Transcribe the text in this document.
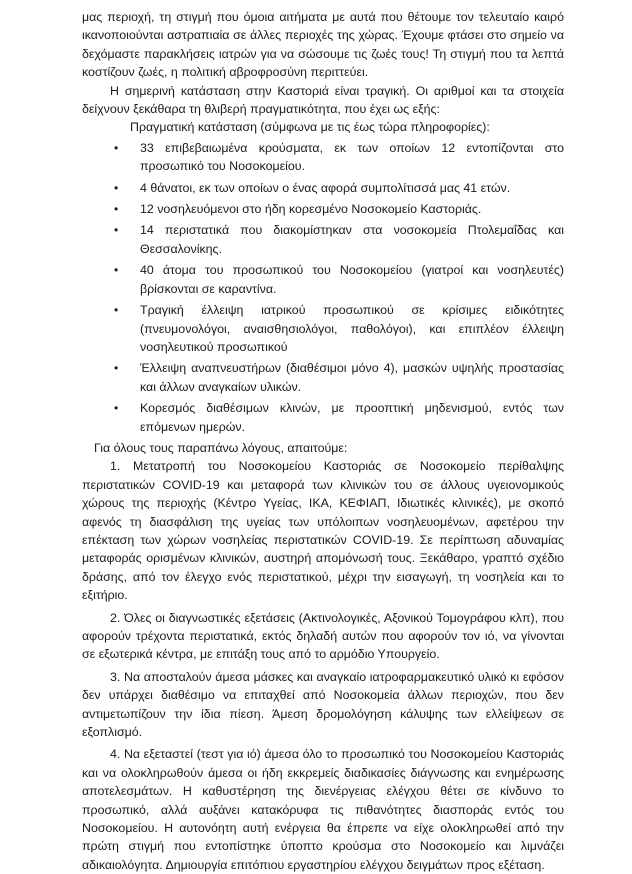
μας περιοχή, τη στιγμή που όμοια αιτήματα με αυτά που θέτουμε τον τελευταίο καιρό ικανοποιούνται αστραπιαία σε άλλες περιοχές της χώρας. Έχουμε φτάσει στο σημείο να δεχόμαστε παρακλήσεις ιατρών για να σώσουμε τις ζωές τους! Τη στιγμή που τα λεπτά κοστίζουν ζωές, η πολιτική αβροφροσύνη περιττεύει.

Η σημερινή κατάσταση στην Καστοριά είναι τραγική. Οι αριθμοί και τα στοιχεία δείχνουν ξεκάθαρα τη θλιβερή πραγματικότητα, που έχει ως εξής:

Πραγματική κατάσταση (σύμφωνα με τις έως τώρα πληροφορίες):

• 33 επιβεβαιωμένα κρούσματα, εκ των οποίων 12 εντοπίζονται στο προσωπικό του Νοσοκομείου.
• 4 θάνατοι, εκ των οποίων ο ένας αφορά συμπολίτισσά μας 41 ετών.
• 12 νοσηλευόμενοι στο ήδη κορεσμένο Νοσοκομείο Καστοριάς.
• 14 περιστατικά που διακομίστηκαν στα νοσοκομεία Πτολεμαΐδας και Θεσσαλονίκης.
• 40 άτομα του προσωπικού του Νοσοκομείου (γιατροί και νοσηλευτές) βρίσκονται σε καραντίνα.
• Τραγική έλλειψη ιατρικού προσωπικού σε κρίσιμες ειδικότητες (πνευμονολόγοι, αναισθησιολόγοι, παθολόγοι), και επιπλέον έλλειψη νοσηλευτικού προσωπικού
• Έλλειψη αναπνευστήρων (διαθέσιμοι μόνο 4), μασκών υψηλής προστασίας και άλλων αναγκαίων υλικών.
• Κορεσμός διαθέσιμων κλινών, με προοπτική μηδενισμού, εντός των επόμενων ημερών.

Για όλους τους παραπάνω λόγους, απαιτούμε:

1. Μετατροπή του Νοσοκομείου Καστοριάς σε Νοσοκομείο περίθαλψης περιστατικών COVID-19 και μεταφορά των κλινικών του σε άλλους υγειονομικούς χώρους της περιοχής (Κέντρο Υγείας, ΙΚΑ, ΚΕΦΙΑΠ, Ιδιωτικές κλινικές), με σκοπό αφενός τη διασφάλιση της υγείας των υπόλοιπων νοσηλευομένων, αφετέρου την επέκταση των χώρων νοσηλείας περιστατικών COVID-19. Σε περίπτωση αδυναμίας μεταφοράς ορισμένων κλινικών, αυστηρή απομόνωσή τους. Ξεκάθαρο, γραπτό σχέδιο δράσης, από τον έλεγχο ενός περιστατικού, μέχρι την εισαγωγή, τη νοσηλεία και το εξιτήριο.

2. Όλες οι διαγνωστικές εξετάσεις (Ακτινολογικές, Αξονικού Τομογράφου κλπ), που αφορούν τρέχοντα περιστατικά, εκτός δηλαδή αυτών που αφορούν τον ιό, να γίνονται σε εξωτερικά κέντρα, με επιτάξη τους από το αρμόδιο Υπουργείο.

3. Να αποσταλούν άμεσα μάσκες και αναγκαίο ιατροφαρμακευτικό υλικό κι εφόσον δεν υπάρχει διαθέσιμο να επιταχθεί από Νοσοκομεία άλλων περιοχών, που δεν αντιμετωπίζουν την ίδια πίεση. Άμεση δρομολόγηση κάλυψης των ελλείψεων σε εξοπλισμό.

4. Να εξεταστεί (τεστ για ιό) άμεσα όλο το προσωπικό του Νοσοκομείου Καστοριάς και να ολοκληρωθούν άμεσα οι ήδη εκκρεμείς διαδικασίες διάγνωσης και ενημέρωσης αποτελεσμάτων. Η καθυστέρηση της διενέργειας ελέγχου θέτει σε κίνδυνο το προσωπικό, αλλά αυξάνει κατακόρυφα τις πιθανότητες διασποράς εντός του Νοσοκομείου. Η αυτονόητη αυτή ενέργεια θα έπρεπε να είχε ολοκληρωθεί από την πρώτη στιγμή που εντοπίστηκε ύποπτο κρούσμα στο Νοσοκομείο και λιμνάζει αδικαιολόγητα. Δημιουργία επιτόπιου εργαστηρίου ελέγχου δειγμάτων προς εξέταση.
